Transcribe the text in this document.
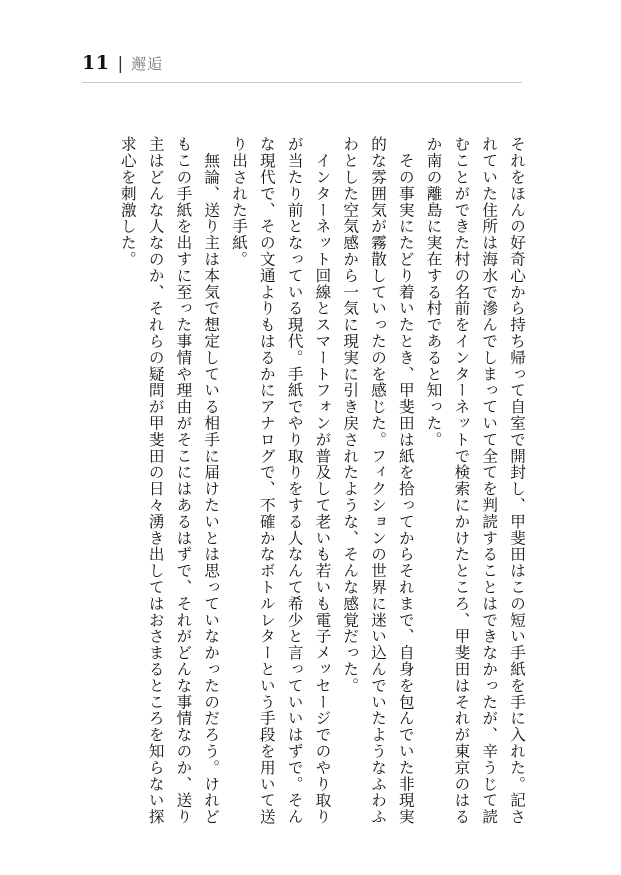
11 | 邂逅

それをほんの好奇心から持ち帰って自室で開封し、甲斐田はこの短い手紙を手に入れた。記されていた住所は海水で滲んでしまっていて全てを判読することはできなかったが、辛うじて読むことができた村の名前をインターネットで検索にかけたところ、甲斐田はそれが東京のはるか南の離島に実在する村であると知った。

　その事実にたどり着いたとき、甲斐田は紙を拾ってからそれまで、自身を包んでいた非現実的な雰囲気が霧散していったのを感じた。フィクションの世界に迷い込んでいたようなふわふわとした空気感から一気に現実に引き戻されたような、そんな感覚だった。

　インターネット回線とスマートフォンが普及して老いも若いも電子メッセージでのやり取りが当たり前となっている現代。手紙でやり取りをする人なんて希少と言っていいはずで。そんな現代で、その文通よりもはるかにアナログで、不確かなボトルレターという手段を用いて送り出された手紙。

　無論、送り主は本気で想定している相手に届けたいとは思っていなかったのだろう。けれどもこの手紙を出すに至った事情や理由がそこにはあるはずで、それがどんな事情なのか、送り主はどんな人なのか、それらの疑問が甲斐田の日々湧き出してはおさまるところを知らない探求心を刺激した。
